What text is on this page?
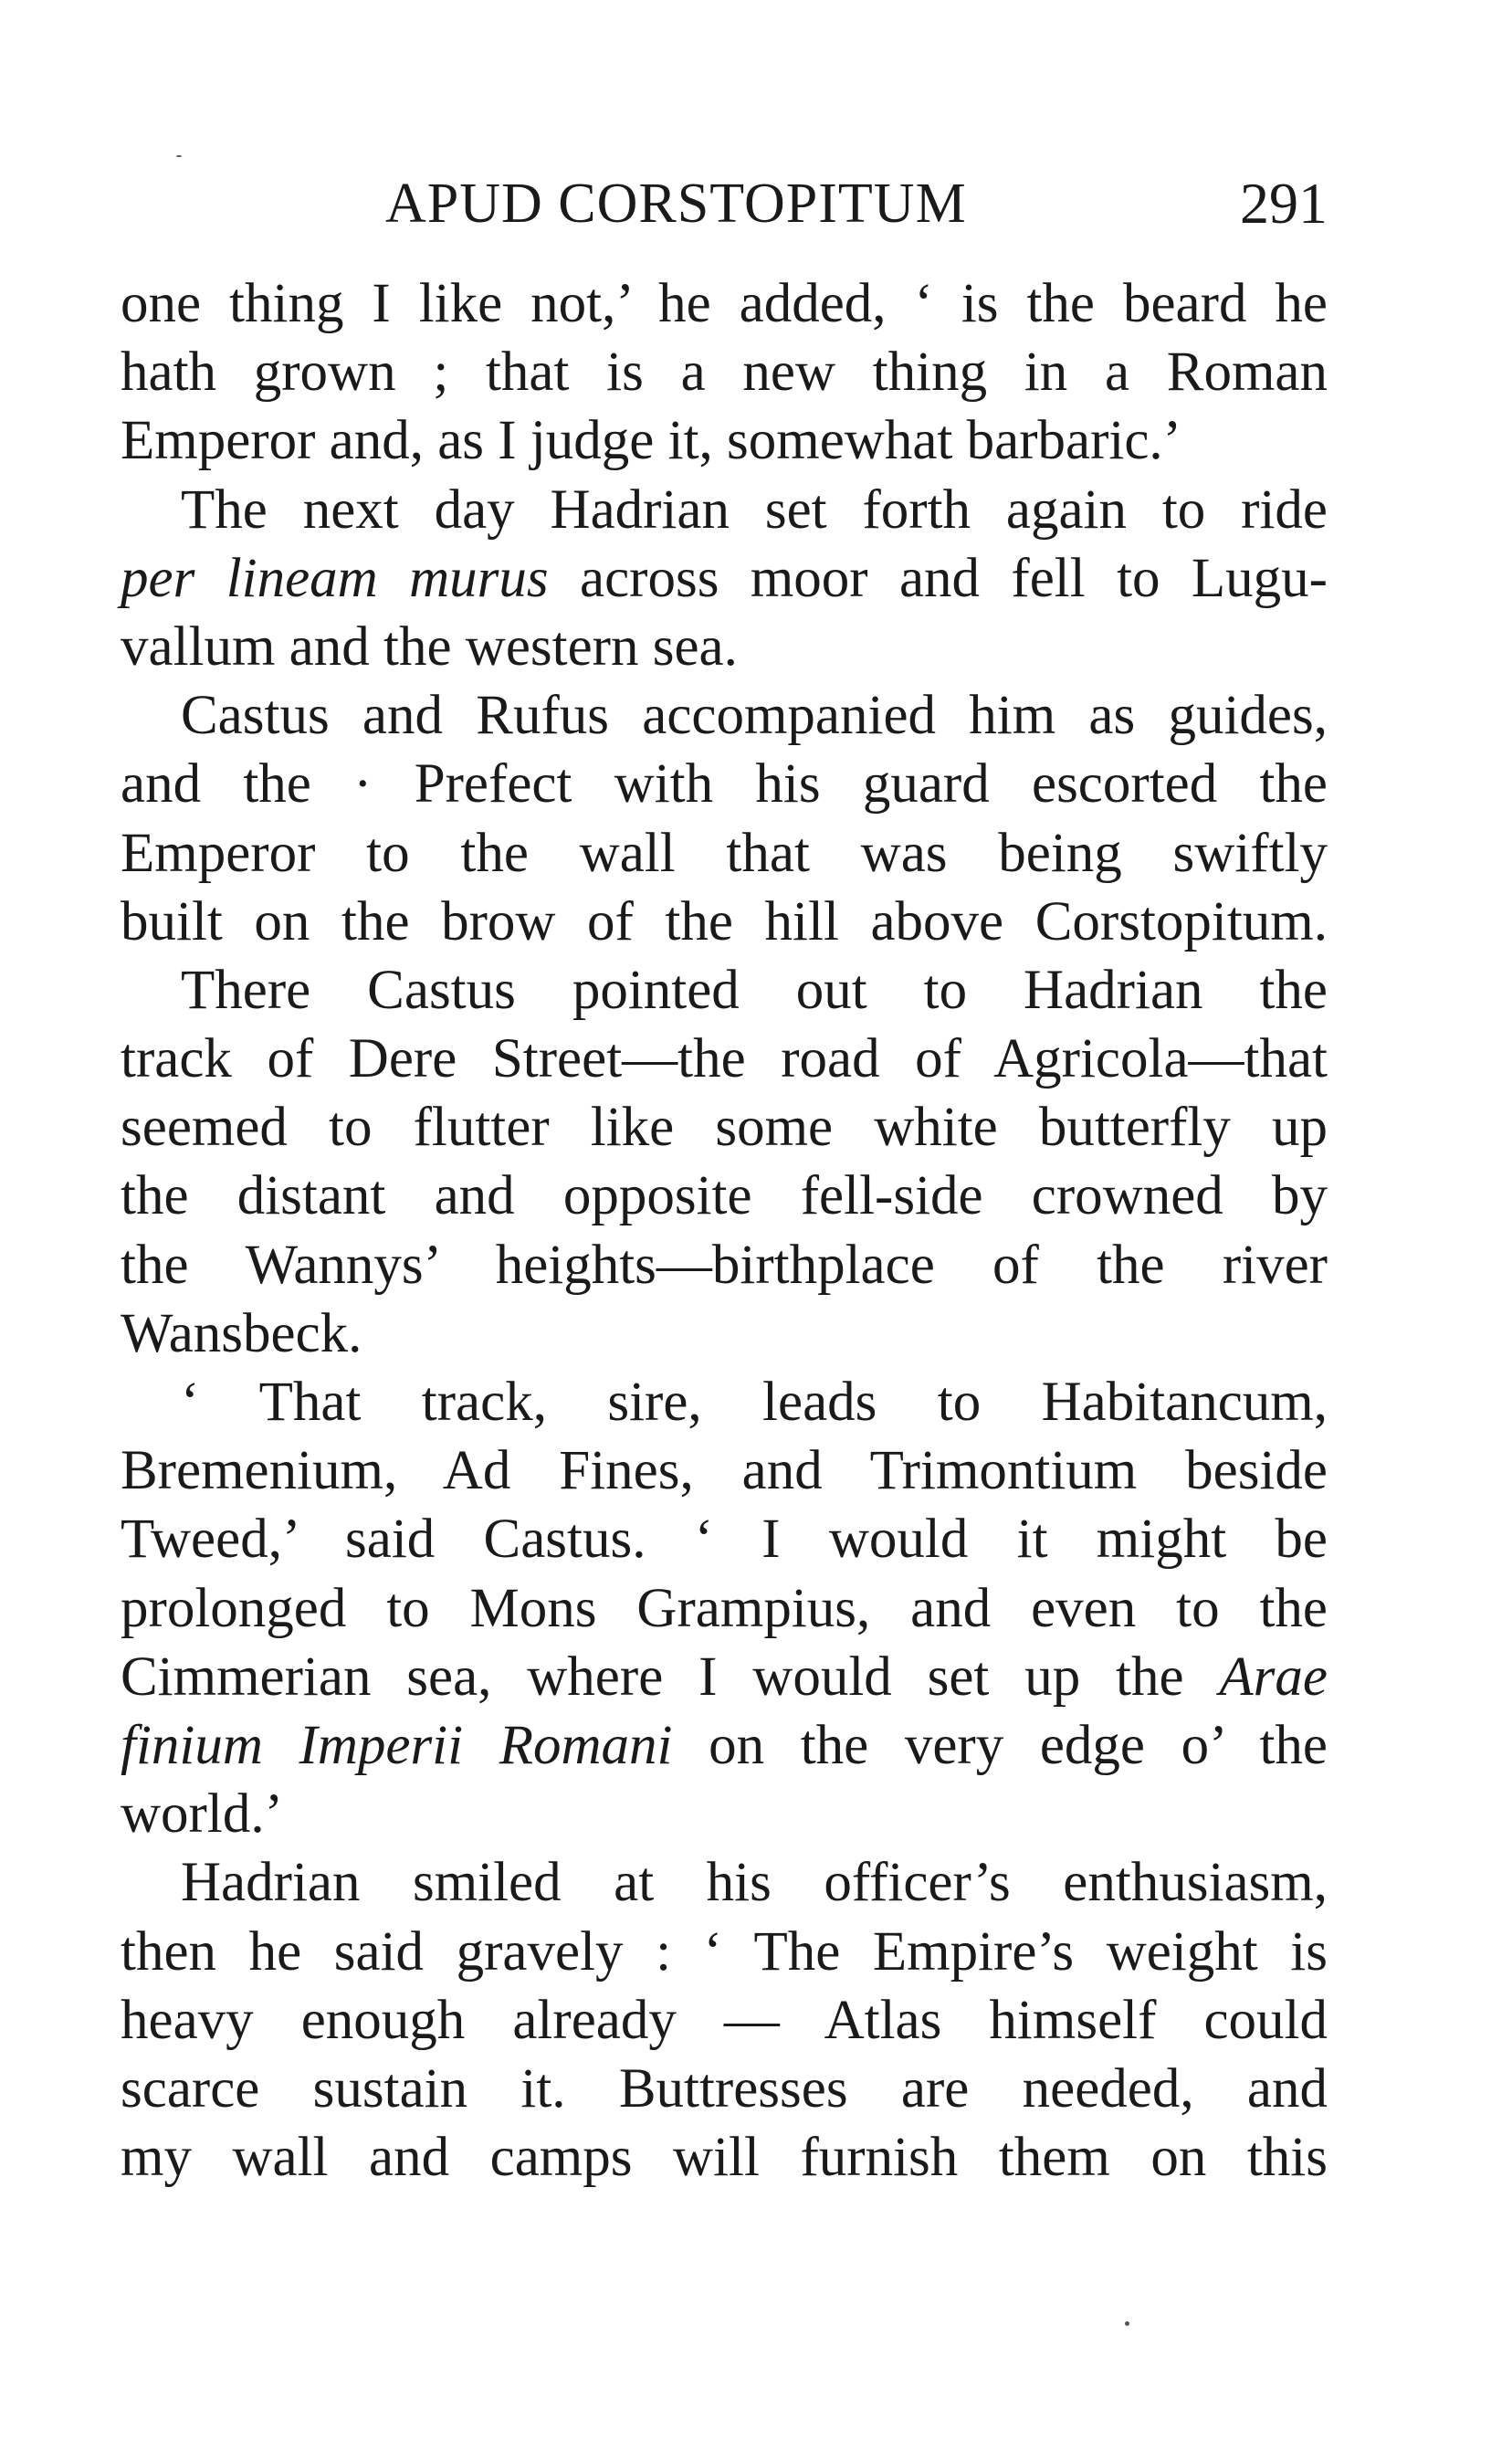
APUD CORSTOPITUM	291
one thing I like not,’ he added, ‘ is the beard he
hath grown ; that is a new thing in a Roman
Emperor and, as I judge it, somewhat barbaric.’
The next day Hadrian set forth again to ride
per lineam murus across moor and fell to Lugu-
vallum and the western sea.
Castus and Rufus accompanied him as guides,
and the · Prefect with his guard escorted the
Emperor to the wall that was being swiftly
built on the brow of the hill above Corstopitum.
There Castus pointed out to Hadrian the
track of Dere Street—the road of Agricola—that
seemed to flutter like some white butterfly up
the distant and opposite fell-side crowned by
the Wannys’ heights—birthplace of the river
Wansbeck.
‘ That track, sire, leads to Habitancum,
Bremenium, Ad Fines, and Trimontium beside
Tweed,’ said Castus. ‘ I would it might be
prolonged to Mons Grampius, and even to the
Cimmerian sea, where I would set up the Arae
finium Imperii Romani on the very edge o’ the
world.’
Hadrian smiled at his officer’s enthusiasm,
then he said gravely : ‘ The Empire’s weight is
heavy enough already — Atlas himself could
scarce sustain it. Buttresses are needed, and
my wall and camps will furnish them on this
